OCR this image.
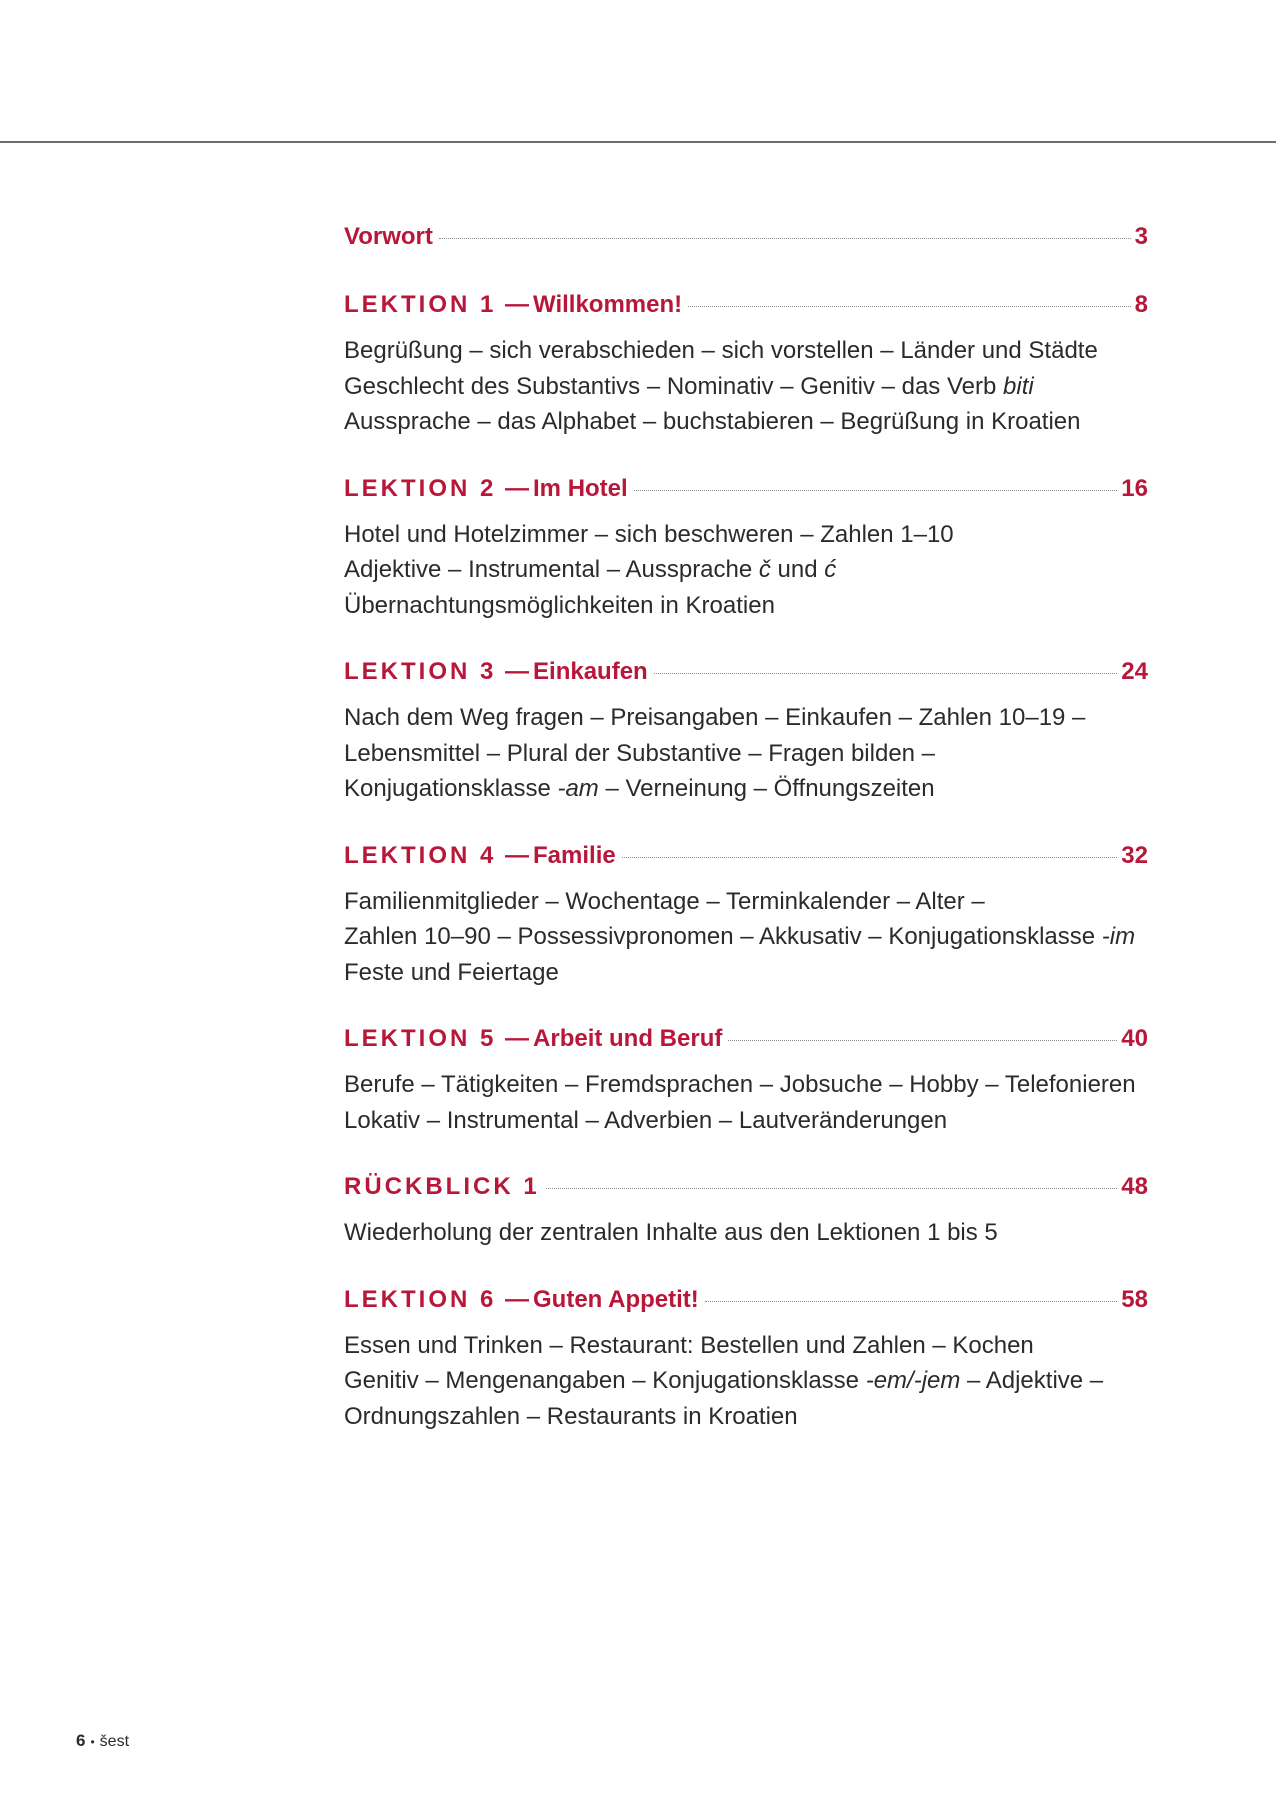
Vorwort	3
LEKTION 1 — Willkommen!	8
Begrüßung – sich verabschieden – sich vorstellen – Länder und Städte
Geschlecht des Substantivs – Nominativ – Genitiv – das Verb biti
Aussprache – das Alphabet – buchstabieren – Begrüßung in Kroatien
LEKTION 2 — Im Hotel	16
Hotel und Hotelzimmer – sich beschweren – Zahlen 1–10
Adjektive – Instrumental – Aussprache č und ć
Übernachtungsmöglichkeiten in Kroatien
LEKTION 3 — Einkaufen	24
Nach dem Weg fragen – Preisangaben – Einkaufen – Zahlen 10–19 –
Lebensmittel – Plural der Substantive – Fragen bilden –
Konjugationsklasse -am – Verneinung – Öffnungszeiten
LEKTION 4 — Familie	32
Familienmitglieder – Wochentage – Terminkalender – Alter –
Zahlen 10–90 – Possessivpronomen – Akkusativ – Konjugationsklasse -im
Feste und Feiertage
LEKTION 5 — Arbeit und Beruf	40
Berufe – Tätigkeiten – Fremdsprachen – Jobsuche – Hobby – Telefonieren
Lokativ – Instrumental – Adverbien – Lautveränderungen
RÜCKBLICK 1	48
Wiederholung der zentralen Inhalte aus den Lektionen 1 bis 5
LEKTION 6 — Guten Appetit!	58
Essen und Trinken – Restaurant: Bestellen und Zahlen – Kochen
Genitiv – Mengenangaben – Konjugationsklasse -em/-jem – Adjektive –
Ordnungszahlen – Restaurants in Kroatien
6 • šest
